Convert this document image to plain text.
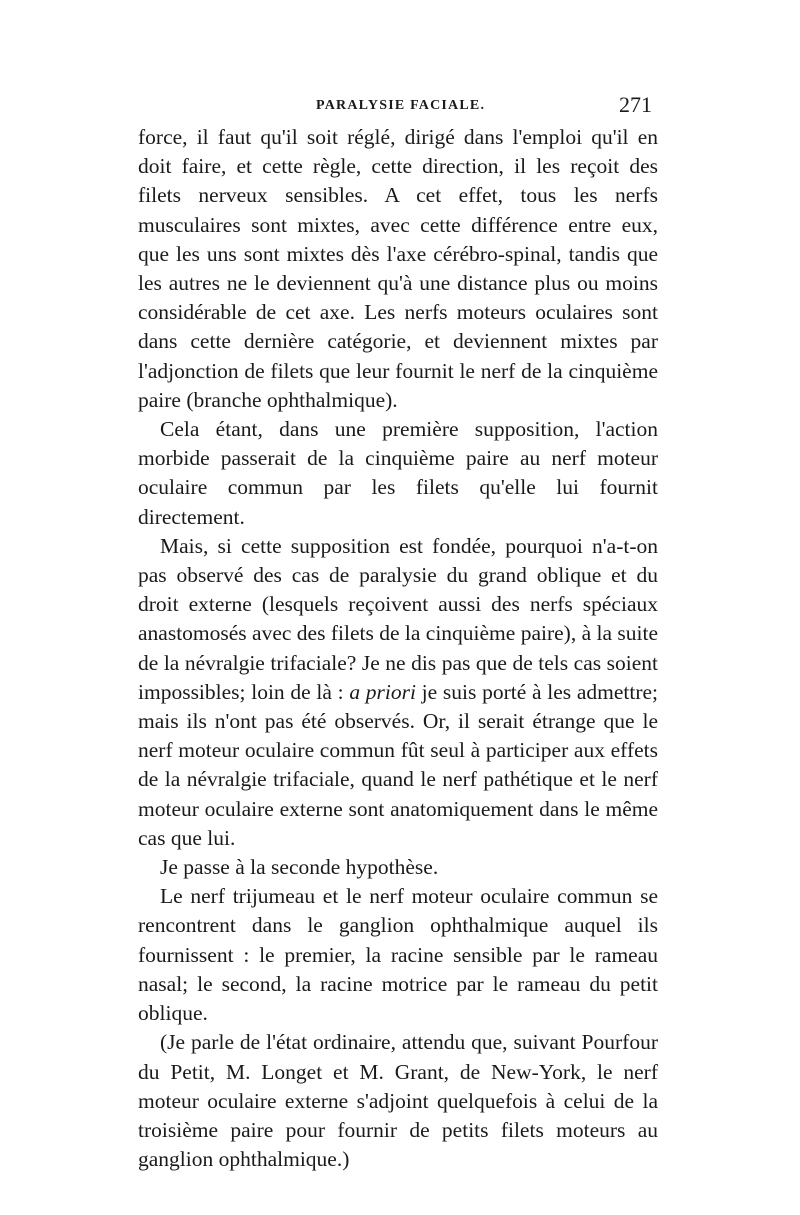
PARALYSIE FACIALE.	271

force, il faut qu'il soit réglé, dirigé dans l'emploi qu'il en doit faire, et cette règle, cette direction, il les reçoit des filets nerveux sensibles. A cet effet, tous les nerfs musculaires sont mixtes, avec cette différence entre eux, que les uns sont mixtes dès l'axe cérébro-spinal, tandis que les autres ne le deviennent qu'à une distance plus ou moins considérable de cet axe. Les nerfs moteurs oculaires sont dans cette dernière catégorie, et deviennent mixtes par l'adjonction de filets que leur fournit le nerf de la cinquième paire (branche ophthalmique).

Cela étant, dans une première supposition, l'action morbide passerait de la cinquième paire au nerf moteur oculaire commun par les filets qu'elle lui fournit directement.

Mais, si cette supposition est fondée, pourquoi n'a-t-on pas observé des cas de paralysie du grand oblique et du droit externe (lesquels reçoivent aussi des nerfs spéciaux anastomosés avec des filets de la cinquième paire), à la suite de la névralgie trifaciale? Je ne dis pas que de tels cas soient impossibles; loin de là : a priori je suis porté à les admettre; mais ils n'ont pas été observés. Or, il serait étrange que le nerf moteur oculaire commun fût seul à participer aux effets de la névralgie trifaciale, quand le nerf pathétique et le nerf moteur oculaire externe sont anatomiquement dans le même cas que lui.

Je passe à la seconde hypothèse.

Le nerf trijumeau et le nerf moteur oculaire commun se rencontrent dans le ganglion ophthalmique auquel ils fournissent : le premier, la racine sensible par le rameau nasal; le second, la racine motrice par le rameau du petit oblique.

(Je parle de l'état ordinaire, attendu que, suivant Pourfour du Petit, M. Longet et M. Grant, de New-York, le nerf moteur oculaire externe s'adjoint quelquefois à celui de la troisième paire pour fournir de petits filets moteurs au ganglion ophthalmique.)
